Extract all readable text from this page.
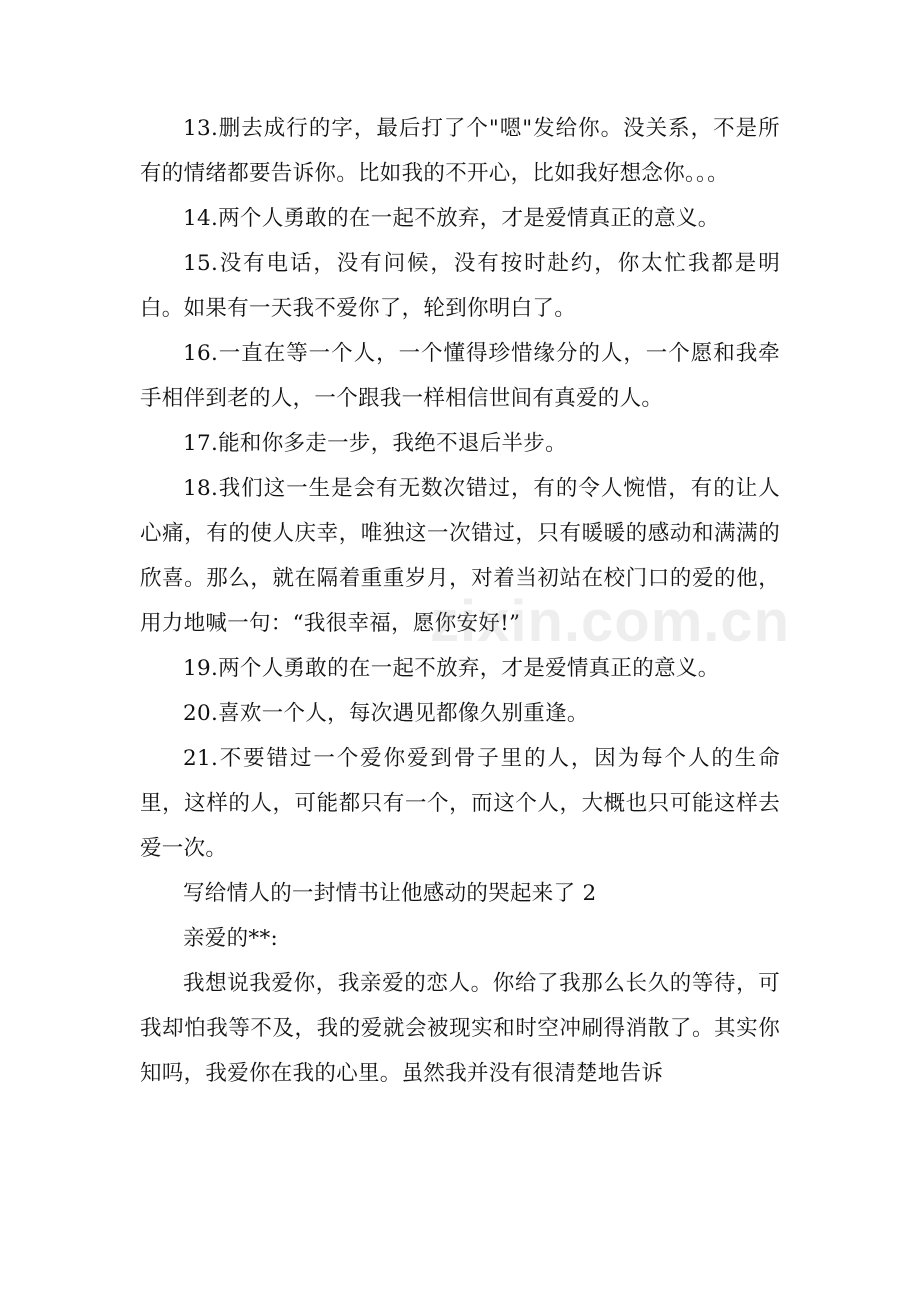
13.删去成行的字，最后打了个"嗯"发给你。没关系，不是所有的情绪都要告诉你。比如我的不开心，比如我好想念你。。。

14.两个人勇敢的在一起不放弃，才是爱情真正的意义。

15.没有电话，没有问候，没有按时赴约，你太忙我都是明白。如果有一天我不爱你了，轮到你明白了。

16.一直在等一个人，一个懂得珍惜缘分的人，一个愿和我牵手相伴到老的人，一个跟我一样相信世间有真爱的人。

17.能和你多走一步，我绝不退后半步。

18.我们这一生是会有无数次错过，有的令人惋惜，有的让人心痛，有的使人庆幸，唯独这一次错过，只有暖暖的感动和满满的欣喜。那么，就在隔着重重岁月，对着当初站在校门口的爱的他，用力地喊一句：“我很幸福，愿你安好!”

19.两个人勇敢的在一起不放弃，才是爱情真正的意义。

20.喜欢一个人，每次遇见都像久别重逢。

21.不要错过一个爱你爱到骨子里的人，因为每个人的生命里，这样的人，可能都只有一个，而这个人，大概也只可能这样去爱一次。

写给情人的一封情书让他感动的哭起来了 2

亲爱的**:

我想说我爱你，我亲爱的恋人。你给了我那么长久的等待，可我却怕我等不及，我的爱就会被现实和时空冲刷得消散了。其实你知吗，我爱你在我的心里。虽然我并没有很清楚地告诉

zixin.com.cn
